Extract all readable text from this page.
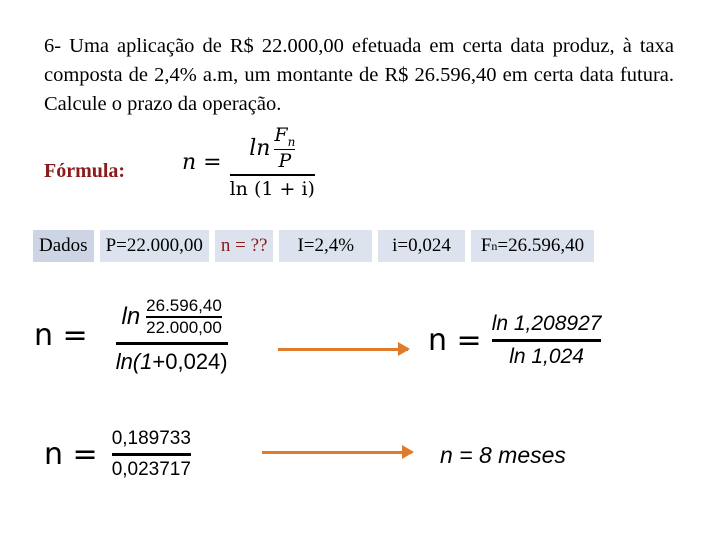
6- Uma aplicação de R$ 22.000,00 efetuada em certa data produz, à taxa composta de 2,4% a.m, um montante de R$ 26.596,40 em certa data futura. Calcule o prazo da operação.
Fórmula:	$n = \frac{\ln \frac{F_n}{P}}{\ln (1 + i)}$
Dados P=22.000,00 n = ??	I=2,4%	i=0,024	F n =26.596,40
$n = \frac{\ln \frac{26.596,40}{22.000,00}}{\ln(1+0,024)}$	$n = \frac{\ln 1,208927}{\ln 1,024}$
$n = \frac{0,189733}{0,023717}$	n = 8 meses
